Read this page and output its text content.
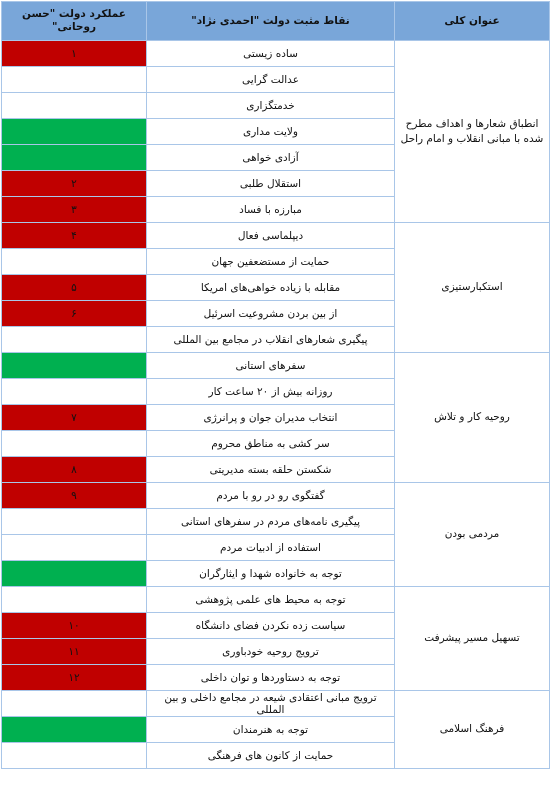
عنوان کلی	نقاط مثبت دولت "احمدی نژاد"	عملکرد دولت "حسن روحانی"
انطباق شعارها و اهداف مطرح شده با مبانی انقلاب و امام راحل	ساده زیستی	۱
	عدالت گرایی	
	خدمتگزاری	
	ولایت مداری	
	آزادی خواهی	
	استقلال طلبی	۲
	مبارزه با فساد	۳
استکبارستیزی	دیپلماسی فعال	۴
	حمایت از مستضعفین جهان	
	مقابله با زیاده خواهی‌های امریکا	۵
	از بین بردن مشروعیت اسرئیل	۶
	پیگیری شعارهای انقلاب در مجامع بین المللی	
روحیه کار و تلاش	سفرهای استانی	
	روزانه بیش از ۲۰ ساعت کار	
	انتخاب مدیران جوان و پرانرژی	۷
	سر کشی به مناطق محروم	
	شکستن حلقه بسته مدیریتی	۸
مردمی بودن	گفتگوی رو در رو با مردم	۹
	پیگیری نامه‌های مردم در سفرهای استانی	
	استفاده از ادبیات مردم	
	توجه به خانواده شهدا و ایثارگران	
تسهیل مسیر پیشرفت	توجه به محیط های علمی پژوهشی	
	سیاست زده نکردن فضای دانشگاه	۱۰
	ترویج روحیه خودباوری	۱۱
	توجه به دستاوردها و توان داخلی	۱۲
فرهنگ اسلامی	ترویج مبانی اعتقادی شیعه در مجامع داخلی و بین المللی	
	توجه به هنرمندان	
	حمایت از کانون های فرهنگی	
